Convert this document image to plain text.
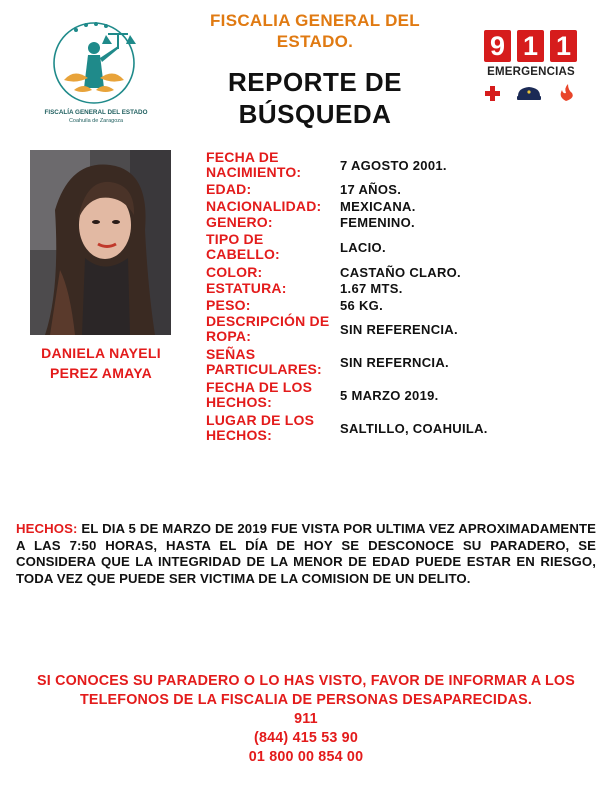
FISCALÍA GENERAL DEL ESTADO
Coahuila de Zaragoza
FISCALIA GENERAL DEL ESTADO.
REPORTE DE BÚSQUEDA
9 1 1
EMERGENCIAS
DANIELA NAYELI PEREZ AMAYA
FECHA DE NACIMIENTO:	7 AGOSTO 2001.
EDAD:	17 AÑOS.
NACIONALIDAD:	MEXICANA.
GENERO:	FEMENINO.
TIPO DE CABELLO:	LACIO.
COLOR:	CASTAÑO CLARO.
ESTATURA:	1.67 MTS.
PESO:	56 KG.
DESCRIPCIÓN DE ROPA:	SIN REFERENCIA.
SEÑAS PARTICULARES:	SIN REFERNCIA.
FECHA DE LOS HECHOS:	5 MARZO 2019.
LUGAR DE LOS HECHOS:	SALTILLO, COAHUILA.
HECHOS: EL DIA 5 DE MARZO DE 2019 FUE VISTA POR ULTIMA VEZ APROXIMADAMENTE A LAS 7:50 HORAS, HASTA EL DÍA DE HOY SE DESCONOCE SU PARADERO, SE CONSIDERA QUE LA INTEGRIDAD DE LA MENOR DE EDAD PUEDE ESTAR EN RIESGO, TODA VEZ QUE PUEDE SER VICTIMA DE LA COMISION DE UN DELITO.
SI CONOCES SU PARADERO O LO HAS VISTO, FAVOR DE INFORMAR A LOS TELEFONOS DE LA FISCALIA DE PERSONAS DESAPARECIDAS.
911
(844) 415 53 90
01 800 00 854 00
